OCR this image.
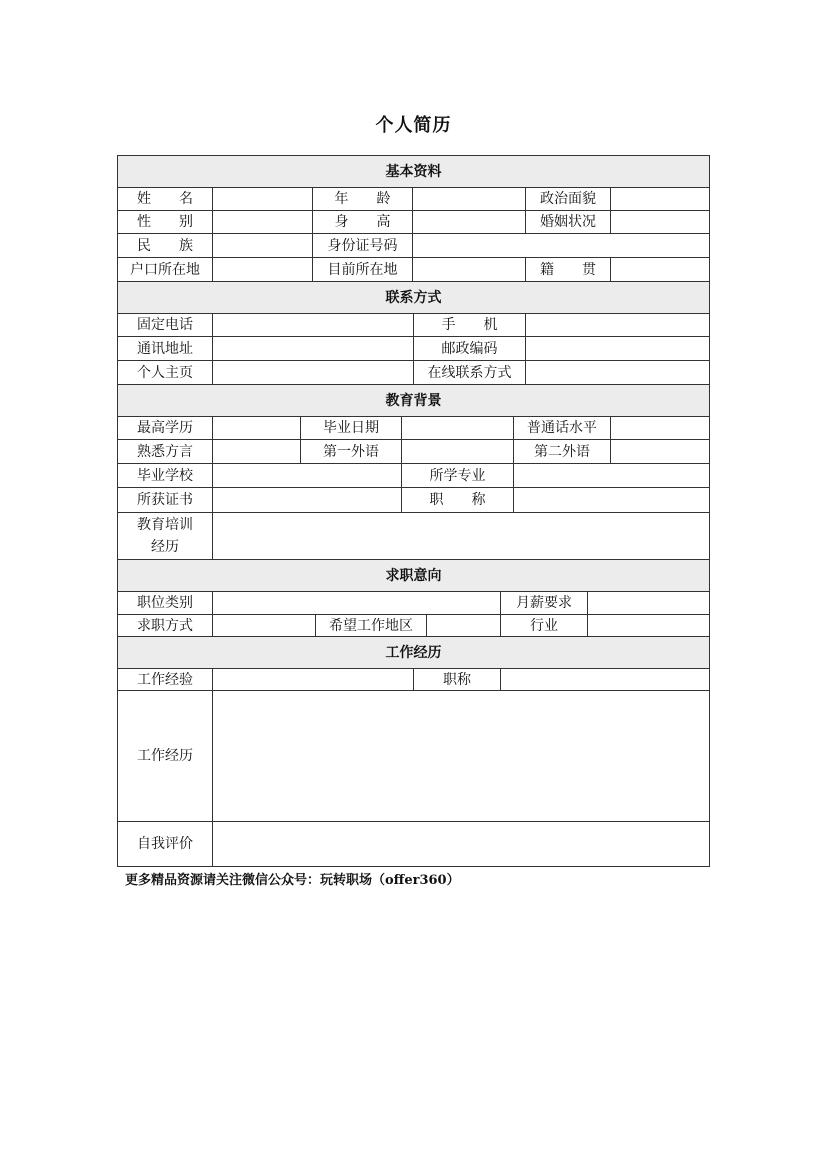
个人简历
基本资料
姓　　名	年　　龄	政治面貌
性　　别	身　　高	婚姻状况
民　　族	身份证号码
户口所在地	目前所在地	籍　　贯
联系方式
固定电话	手　　机
通讯地址	邮政编码
个人主页	在线联系方式
教育背景
最高学历	毕业日期	普通话水平
熟悉方言	第一外语	第二外语
毕业学校	所学专业
所获证书	职　　称
教育培训经历
求职意向
职位类别	月薪要求
求职方式	希望工作地区	行业
工作经历
工作经验	职称
工作经历
自我评价
更多精品资源请关注微信公众号：玩转职场（offer360）
